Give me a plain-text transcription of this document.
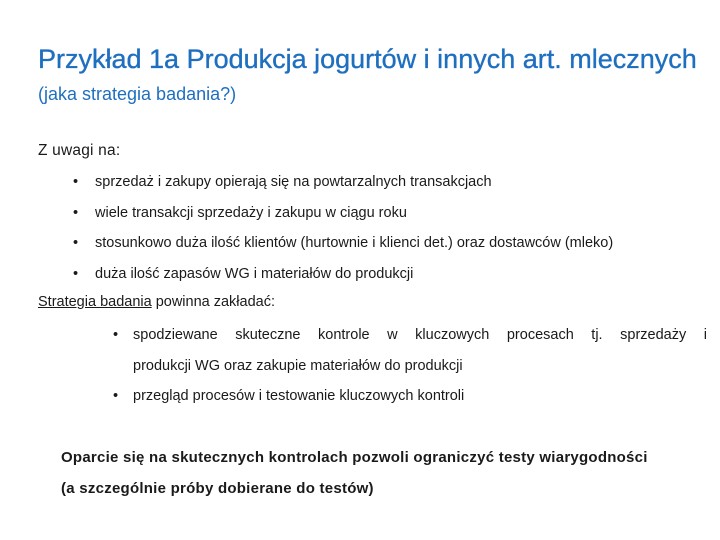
Przykład 1a Produkcja jogurtów i innych art. mlecznych (jaka strategia badania?)
Z uwagi na:
• sprzedaż i zakupy opierają się na powtarzalnych transakcjach
• wiele transakcji sprzedaży i zakupu w ciągu roku
• stosunkowo duża ilość klientów (hurtownie i klienci det.) oraz dostawców (mleko)
• duża ilość zapasów WG i materiałów do produkcji
Strategia badania powinna zakładać:
• spodziewane skuteczne kontrole w kluczowych procesach tj. sprzedaży i
produkcji WG oraz zakupie materiałów do produkcji
• przegląd procesów i testowanie kluczowych kontroli
Oparcie się na skutecznych kontrolach pozwoli ograniczyć testy wiarygodności
(a szczególnie próby dobierane do testów)
